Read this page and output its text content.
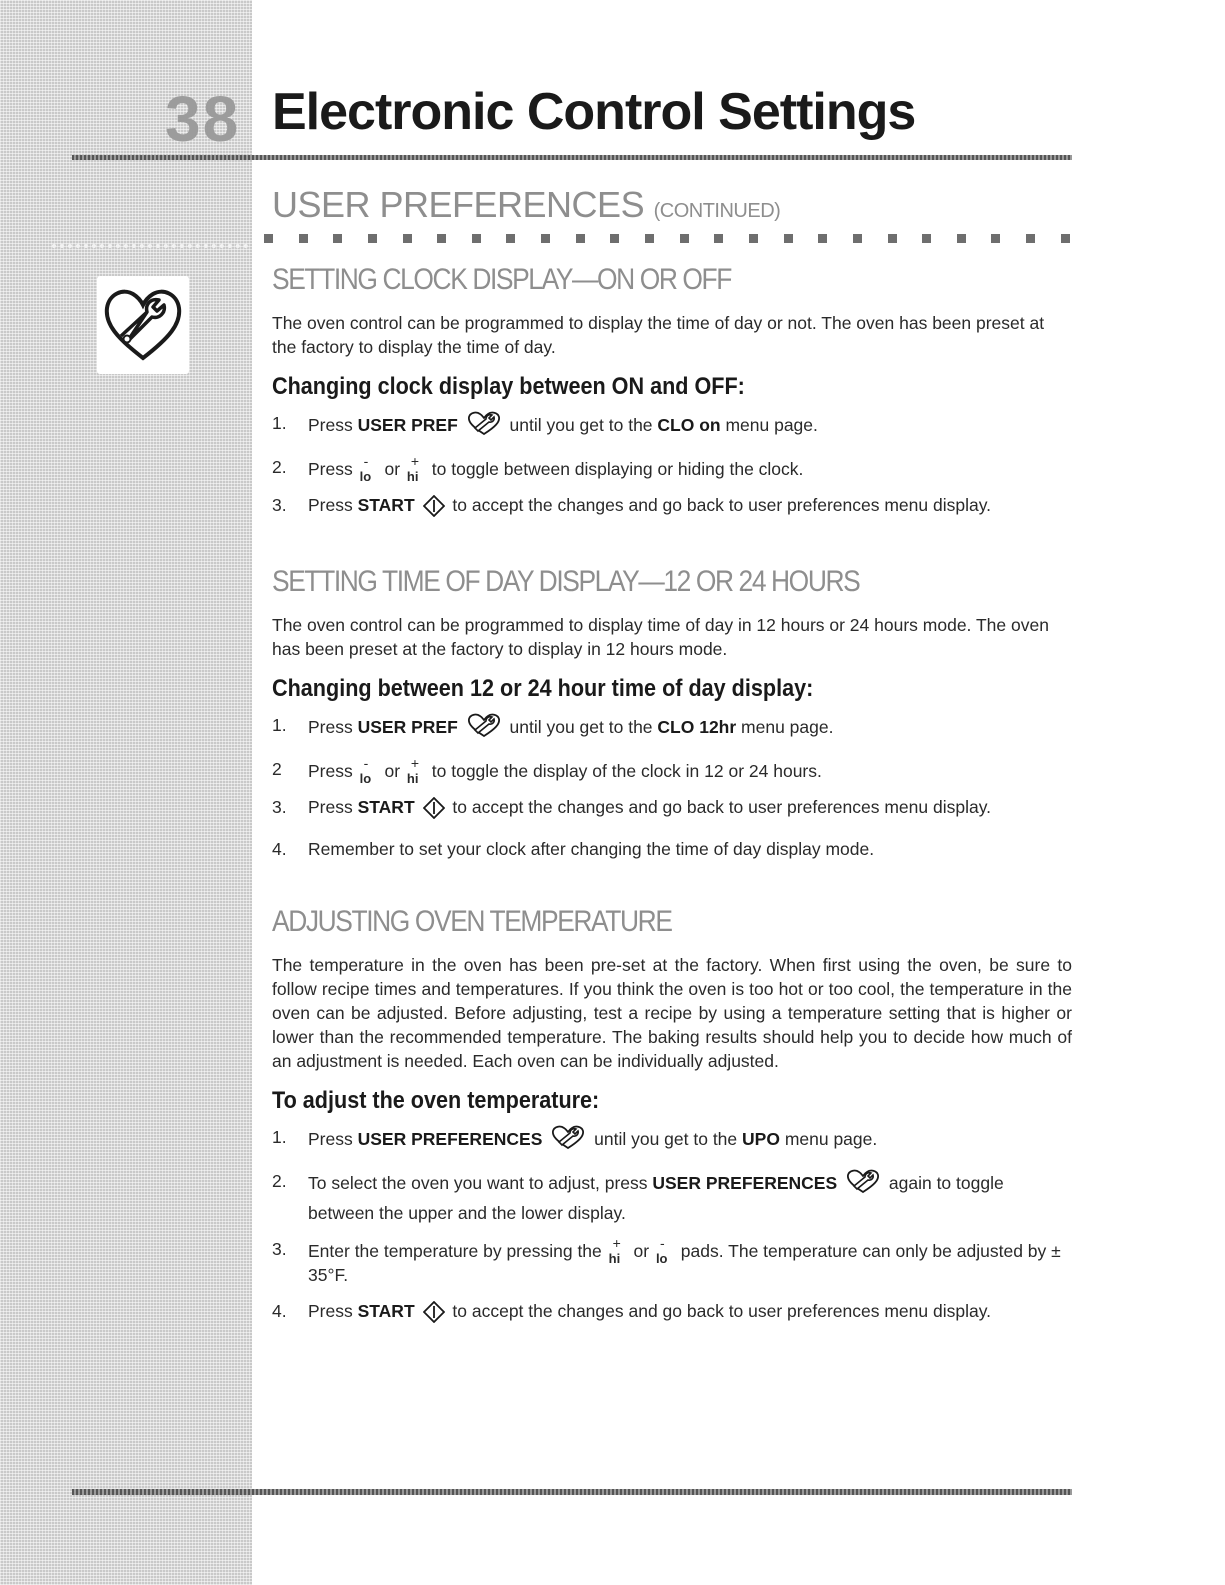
38 Electronic Control Settings
USER PREFERENCES (CONTINUED)
SETTING CLOCK DISPLAY—ON OR OFF

The oven control can be programmed to display the time of day or not. The oven has been preset at the factory to display the time of day.

Changing clock display between ON and OFF:
1. Press USER PREF	until you get to the CLO on menu page.
2. Press -
lo or +
hi to toggle between displaying or hiding the clock.
3. Press START  to accept the changes and go back to user preferences menu display.
SETTING TIME OF DAY DISPLAY—12 OR 24 HOURS

The oven control can be programmed to display time of day in 12 hours or 24 hours mode. The oven has been preset at the factory to display in 12 hours mode.

Changing between 12 or 24 hour time of day display:
1. Press USER PREF	until you get to the CLO 12hr menu page.
2 Press -
lo or +
hi to toggle the display of the clock in 12 or 24 hours.
3. Press START  to accept the changes and go back to user preferences menu display.
4. Remember to set your clock after changing the time of day display mode.
ADJUSTING OVEN TEMPERATURE

The temperature in the oven has been pre-set at the factory. When first using the oven, be sure to follow recipe times and temperatures. If you think the oven is too hot or too cool, the temperature in the oven can be adjusted. Before adjusting, test a recipe by using a temperature setting that is higher or lower than the recommended temperature. The baking results should help you to decide how much of an adjustment is needed. Each oven can be individually adjusted.

To adjust the oven temperature:
1. Press USER PREFERENCES	until you get to the UPO menu page.
2. To select the oven you want to adjust, press USER PREFERENCES	again to toggle between the upper and the lower display.
3. Enter the temperature by pressing the +
hi or -
lo pads. The temperature can only be adjusted by ± 35°F.
4. Press START  to accept the changes and go back to user preferences menu display.
